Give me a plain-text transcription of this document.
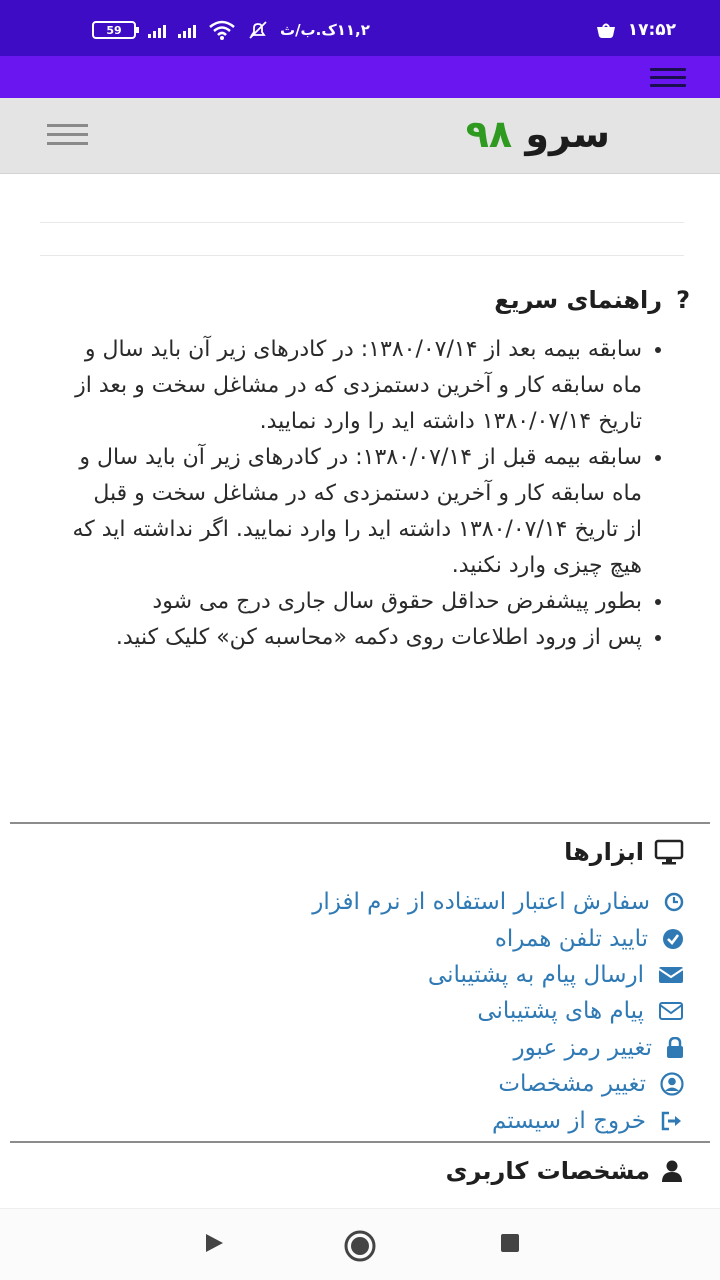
۱۷:۵۲
59	۱۱,۲ک.ب/ث
سرو ۹۸
?راهنمای سریع
• سابقه بیمه بعد از ۱۳۸۰/۰۷/۱۴: در کادرهای زیر آن باید سال و ماه سابقه کار و آخرین دستمزدی که در مشاغل سخت و بعد از تاریخ ۱۳۸۰/۰۷/۱۴ داشته اید را وارد نمایید.
• سابقه بیمه قبل از ۱۳۸۰/۰۷/۱۴: در کادرهای زیر آن باید سال و ماه سابقه کار و آخرین دستمزدی که در مشاغل سخت و قبل از تاریخ ۱۳۸۰/۰۷/۱۴ داشته اید را وارد نمایید. اگر نداشته اید که هیچ چیزی وارد نکنید.
• بطور پیشفرض حداقل حقوق سال جاری درج می شود
• پس از ورود اطلاعات روی دکمه «محاسبه کن» کلیک کنید.
ابزارها
سفارش اعتبار استفاده از نرم افزار
تایید تلفن همراه
ارسال پیام به پشتیبانی
پیام های پشتیبانی
تغییر رمز عبور
تغییر مشخصات
خروج از سیستم
مشخصات کاربری
